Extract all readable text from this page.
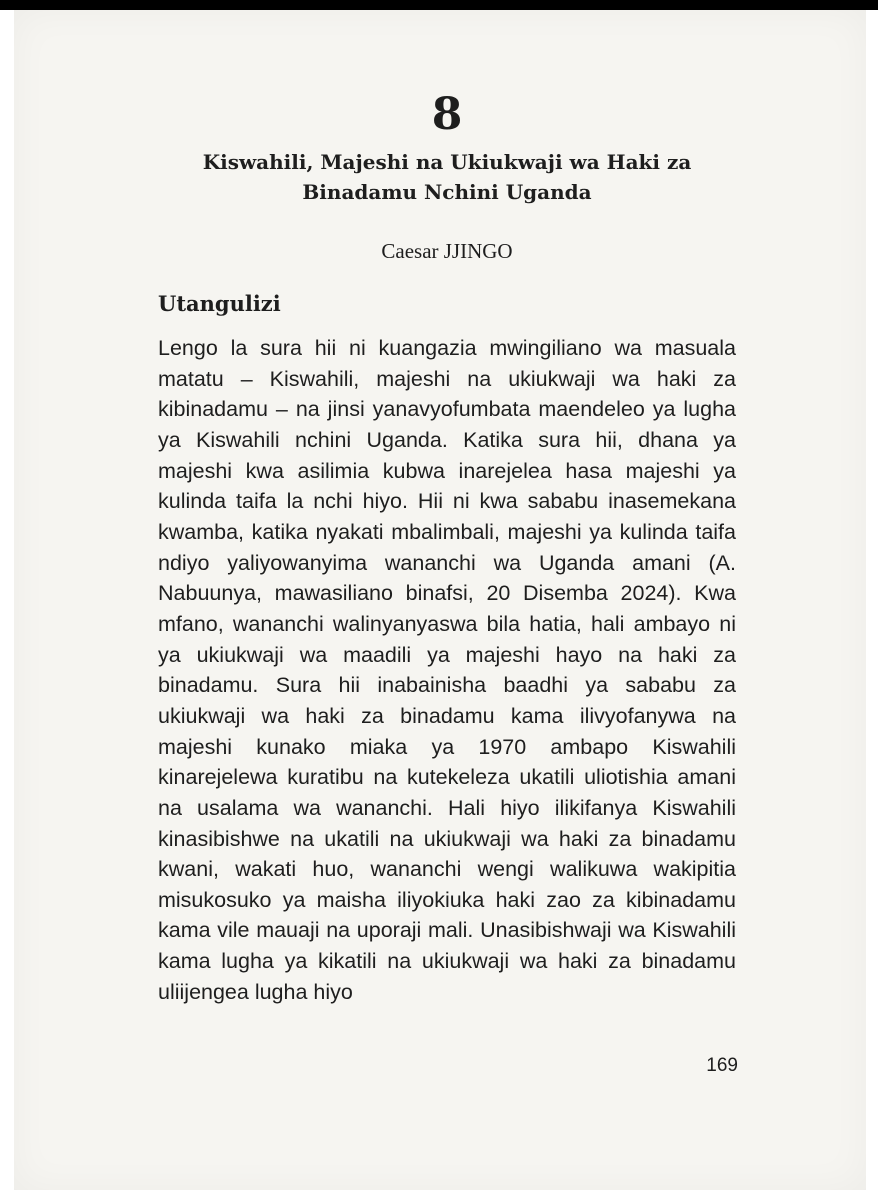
8
Kiswahili, Majeshi na Ukiukwaji wa Haki za Binadamu Nchini Uganda

Caesar JJINGO

Utangulizi

Lengo la sura hii ni kuangazia mwingiliano wa masuala matatu – Kiswahili, majeshi na ukiukwaji wa haki za kibinadamu – na jinsi yanavyofumbata maendeleo ya lugha ya Kiswahili nchini Uganda. Katika sura hii, dhana ya majeshi kwa asilimia kubwa inarejelea hasa majeshi ya kulinda taifa la nchi hiyo. Hii ni kwa sababu inasemekana kwamba, katika nyakati mbalimbali, majeshi ya kulinda taifa ndiyo yaliyowanyima wananchi wa Uganda amani (A. Nabuunya, mawasiliano binafsi, 20 Disemba 2024). Kwa mfano, wananchi walinyanyaswa bila hatia, hali ambayo ni ya ukiukwaji wa maadili ya majeshi hayo na haki za binadamu. Sura hii inabainisha baadhi ya sababu za ukiukwaji wa haki za binadamu kama ilivyofanywa na majeshi kunako miaka ya 1970 ambapo Kiswahili kinarejelewa kuratibu na kutekeleza ukatili uliotishia amani na usalama wa wananchi. Hali hiyo ilikifanya Kiswahili kinasibishwe na ukatili na ukiukwaji wa haki za binadamu kwani, wakati huo, wananchi wengi walikuwa wakipitia misukosuko ya maisha iliyokiuka haki zao za kibinadamu kama vile mauaji na uporaji mali. Unasibishwaji wa Kiswahili kama lugha ya kikatili na ukiukwaji wa haki za binadamu uliijengea lugha hiyo

169
